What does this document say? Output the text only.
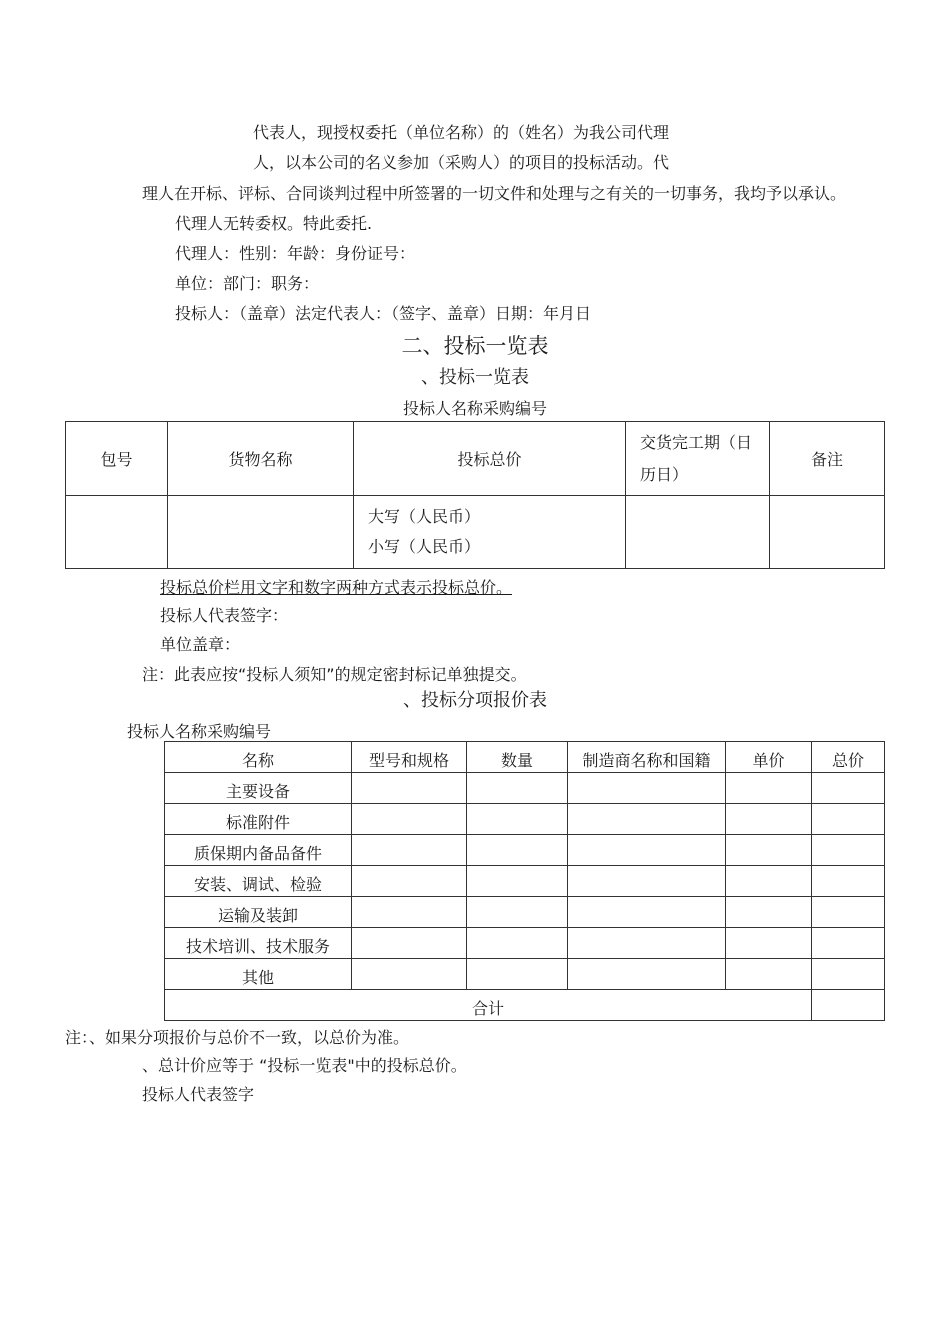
代表人，现授权委托（单位名称）的（姓名）为我公司代理
人，以本公司的名义参加（采购人）的项目的投标活动。代
理人在开标、评标、合同谈判过程中所签署的一切文件和处理与之有关的一切事务，我均予以承认。
代理人无转委权。特此委托.
代理人：性别：年龄：身份证号：
单位：部门：职务：
投标人：（盖章）法定代表人：（签字、盖章）日期：年月日
二、投标一览表
、投标一览表
投标人名称采购编号
包号	货物名称	投标总价	交货完工期（日历日）	备注

		大写（人民币）
小写（人民币）		

投标总价栏用文字和数字两种方式表示投标总价。
投标人代表签字：
单位盖章：
注：此表应按“投标人须知”的规定密封标记单独提交。
、投标分项报价表
投标人名称采购编号
名称	型号和规格	数量	制造商名称和国籍	单价	总价
主要设备					
标准附件					
质保期内备品备件					
安装、调试、检验					
运输及装卸					
技术培训、技术服务					
其他					
合计					
注：、如果分项报价与总价不一致，以总价为准。
、总计价应等于 “投标一览表"中的投标总价。
投标人代表签字
